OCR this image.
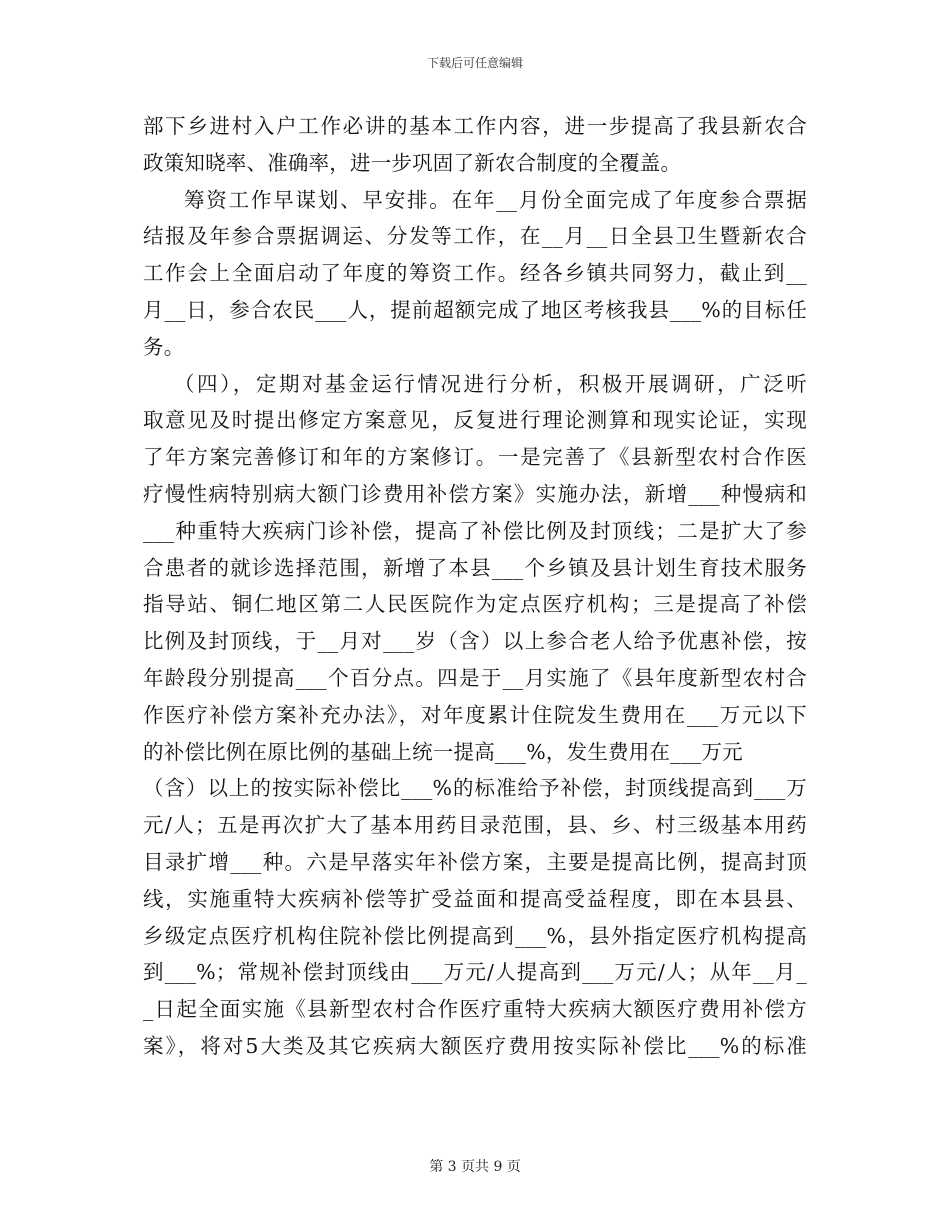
下载后可任意编辑
部下乡进村入户工作必讲的基本工作内容，进一步提高了我县新农合
政策知晓率、准确率，进一步巩固了新农合制度的全覆盖。
筹资工作早谋划、早安排。在年__月份全面完成了年度参合票据
结报及年参合票据调运、分发等工作，在__月__日全县卫生暨新农合
工作会上全面启动了年度的筹资工作。经各乡镇共同努力，截止到__
月__日，参合农民___人，提前超额完成了地区考核我县___%的目标任
务。
（四），定期对基金运行情况进行分析，积极开展调研，广泛听
取意见及时提出修定方案意见，反复进行理论测算和现实论证，实现
了年方案完善修订和年的方案修订。一是完善了《县新型农村合作医
疗慢性病特别病大额门诊费用补偿方案》实施办法，新增___种慢病和
___种重特大疾病门诊补偿，提高了补偿比例及封顶线；二是扩大了参
合患者的就诊选择范围，新增了本县___个乡镇及县计划生育技术服务
指导站、铜仁地区第二人民医院作为定点医疗机构；三是提高了补偿
比例及封顶线，于__月对___岁（含）以上参合老人给予优惠补偿，按
年龄段分别提高___个百分点。四是于__月实施了《县年度新型农村合
作医疗补偿方案补充办法》，对年度累计住院发生费用在___万元以下
的补偿比例在原比例的基础上统一提高___%，发生费用在___万元
（含）以上的按实际补偿比___%的标准给予补偿，封顶线提高到___万
元/人；五是再次扩大了基本用药目录范围，县、乡、村三级基本用药
目录扩增___种。六是早落实年补偿方案，主要是提高比例，提高封顶
线，实施重特大疾病补偿等扩受益面和提高受益程度，即在本县县、
乡级定点医疗机构住院补偿比例提高到___%，县外指定医疗机构提高
到___%；常规补偿封顶线由___万元/人提高到___万元/人；从年__月_
_日起全面实施《县新型农村合作医疗重特大疾病大额医疗费用补偿方
案》，将对5大类及其它疾病大额医疗费用按实际补偿比___%的标准
第 3 页共 9 页
